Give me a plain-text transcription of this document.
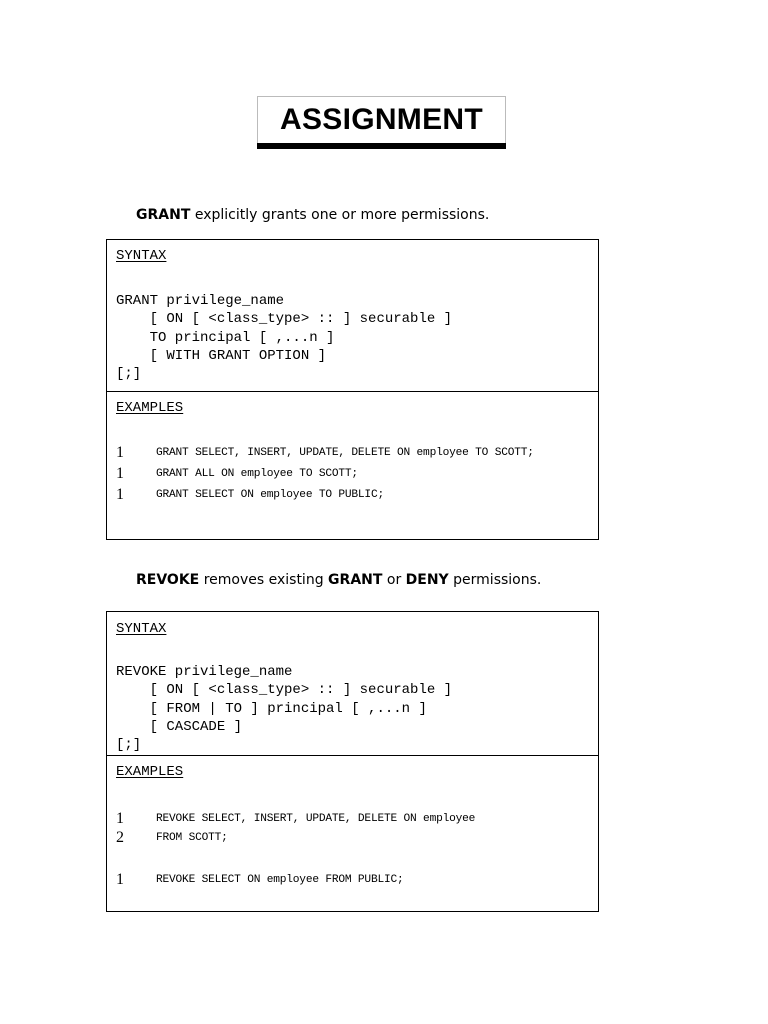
ASSIGNMENT
GRANT explicitly grants one or more permissions.
SYNTAX
GRANT privilege_name
[ ON [ <class_type> :: ] securable ]
TO principal [ ,...n ]
[ WITH GRANT OPTION ]
[;]
EXAMPLES
1	GRANT SELECT, INSERT, UPDATE, DELETE ON employee TO SCOTT;
1	GRANT ALL ON employee TO SCOTT;
1	GRANT SELECT ON employee TO PUBLIC;
REVOKE removes existing GRANT or DENY permissions.
SYNTAX
REVOKE privilege_name
[ ON [ <class_type> :: ] securable ]
[ FROM | TO ] principal [ ,...n ]
[ CASCADE ]
[;]
EXAMPLES
1	REVOKE SELECT, INSERT, UPDATE, DELETE ON employee
2	FROM SCOTT;
1	REVOKE SELECT ON employee FROM PUBLIC;
